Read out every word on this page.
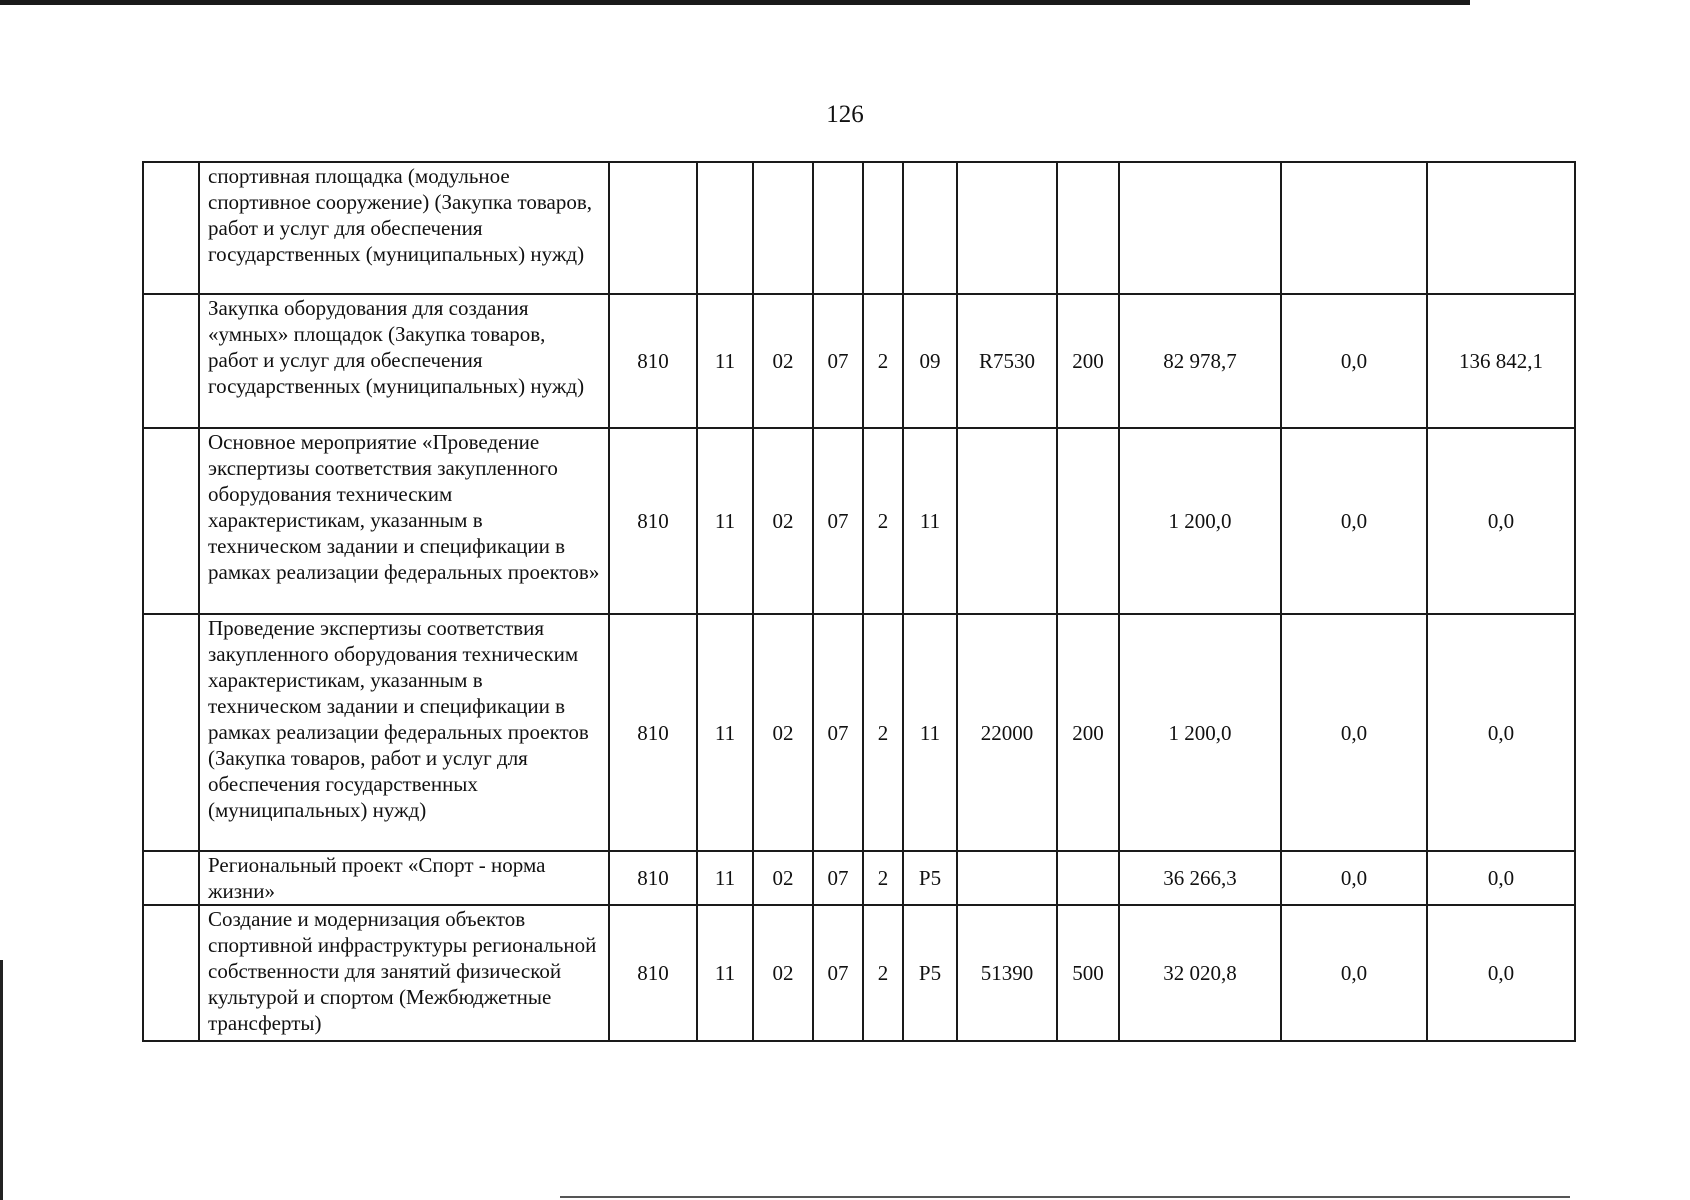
126
	спортивная площадка (модульное спортивное сооружение) (Закупка товаров, работ и услуг для обеспечения государственных (муниципальных) нужд)											
	Закупка оборудования для создания «умных» площадок (Закупка товаров, работ и услуг для обеспечения государственных (муниципальных) нужд)	810	11	02	07	2	09	R7530	200	82 978,7	0,0	136 842,1
	Основное мероприятие «Проведение экспертизы соответствия закупленного оборудования техническим характеристикам, указанным в техническом задании и спецификации в рамках реализации федеральных проектов»	810	11	02	07	2	11			1 200,0	0,0	0,0
	Проведение экспертизы соответствия закупленного оборудования техническим характеристикам, указанным в техническом задании и спецификации в рамках реализации федеральных проектов (Закупка товаров, работ и услуг для обеспечения государственных (муниципальных) нужд)	810	11	02	07	2	11	22000	200	1 200,0	0,0	0,0
	Региональный проект «Спорт - норма жизни»	810	11	02	07	2	P5			36 266,3	0,0	0,0
	Создание и модернизация объектов спортивной инфраструктуры региональной собственности для занятий физической культурой и спортом (Межбюджетные трансферты)	810	11	02	07	2	P5	51390	500	32 020,8	0,0	0,0
